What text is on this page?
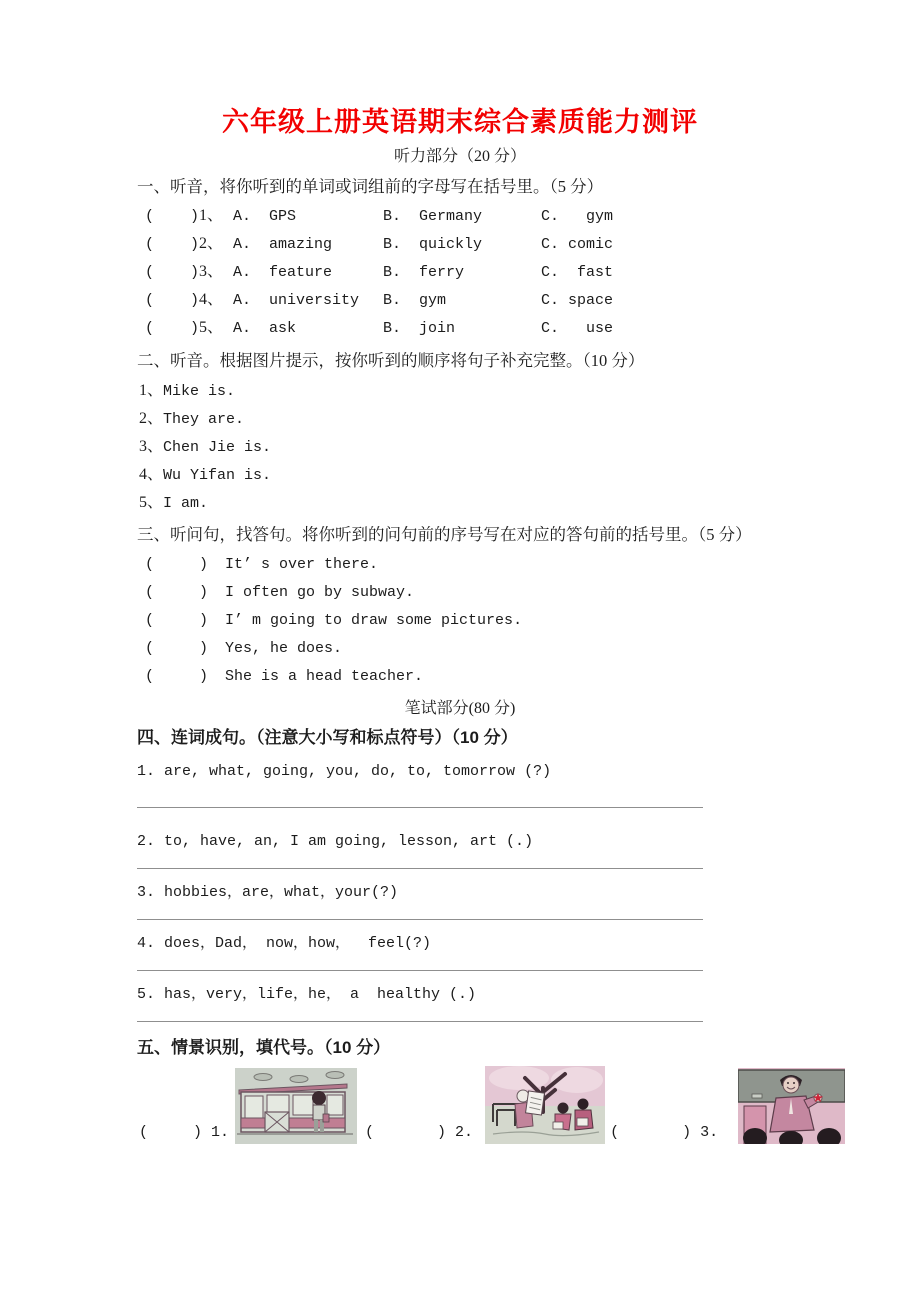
六年级上册英语期末综合素质能力测评
听力部分（20 分）
一、听音，将你听到的单词或词组前的字母写在括号里。（5 分）
(    ) 1、 A.  GPS	B.  Germany	C.   gym
(    ) 2、 A.  amazing	B.  quickly	C. comic
(    ) 3、 A.  feature	B.  ferry	C.  fast
(    ) 4、 A.  university	B.  gym	C. space
(    ) 5、 A.  ask	B.  join	C.   use
二、听音。根据图片提示，按你听到的顺序将句子补充完整。（10 分）
1、Mike is.
2、They are.
3、Chen Jie is.
4、Wu Yifan is.
5、I am.
三、听问句，找答句。将你听到的问句前的序号写在对应的答句前的括号里。（5 分）
(     ) It’ s over there.
(     ) I often go by subway.
(     ) I’ m going to draw some pictures.
(     ) Yes, he does.
(     ) She is a head teacher.
笔试部分(80 分)
四、连词成句。（注意大小写和标点符号）（10 分）
1. are, what, going, you, do, to, tomorrow (?)
2. to, have, an, I am going, lesson, art (.)
3. hobbies，are，what，your(?)
4. does，Dad， now，how，  feel(?)
5. has，very，life，he， a  healthy (.)
五、情景识别，填代号。（10 分）
(     ) 1.	(       ) 2.	(       ) 3.
